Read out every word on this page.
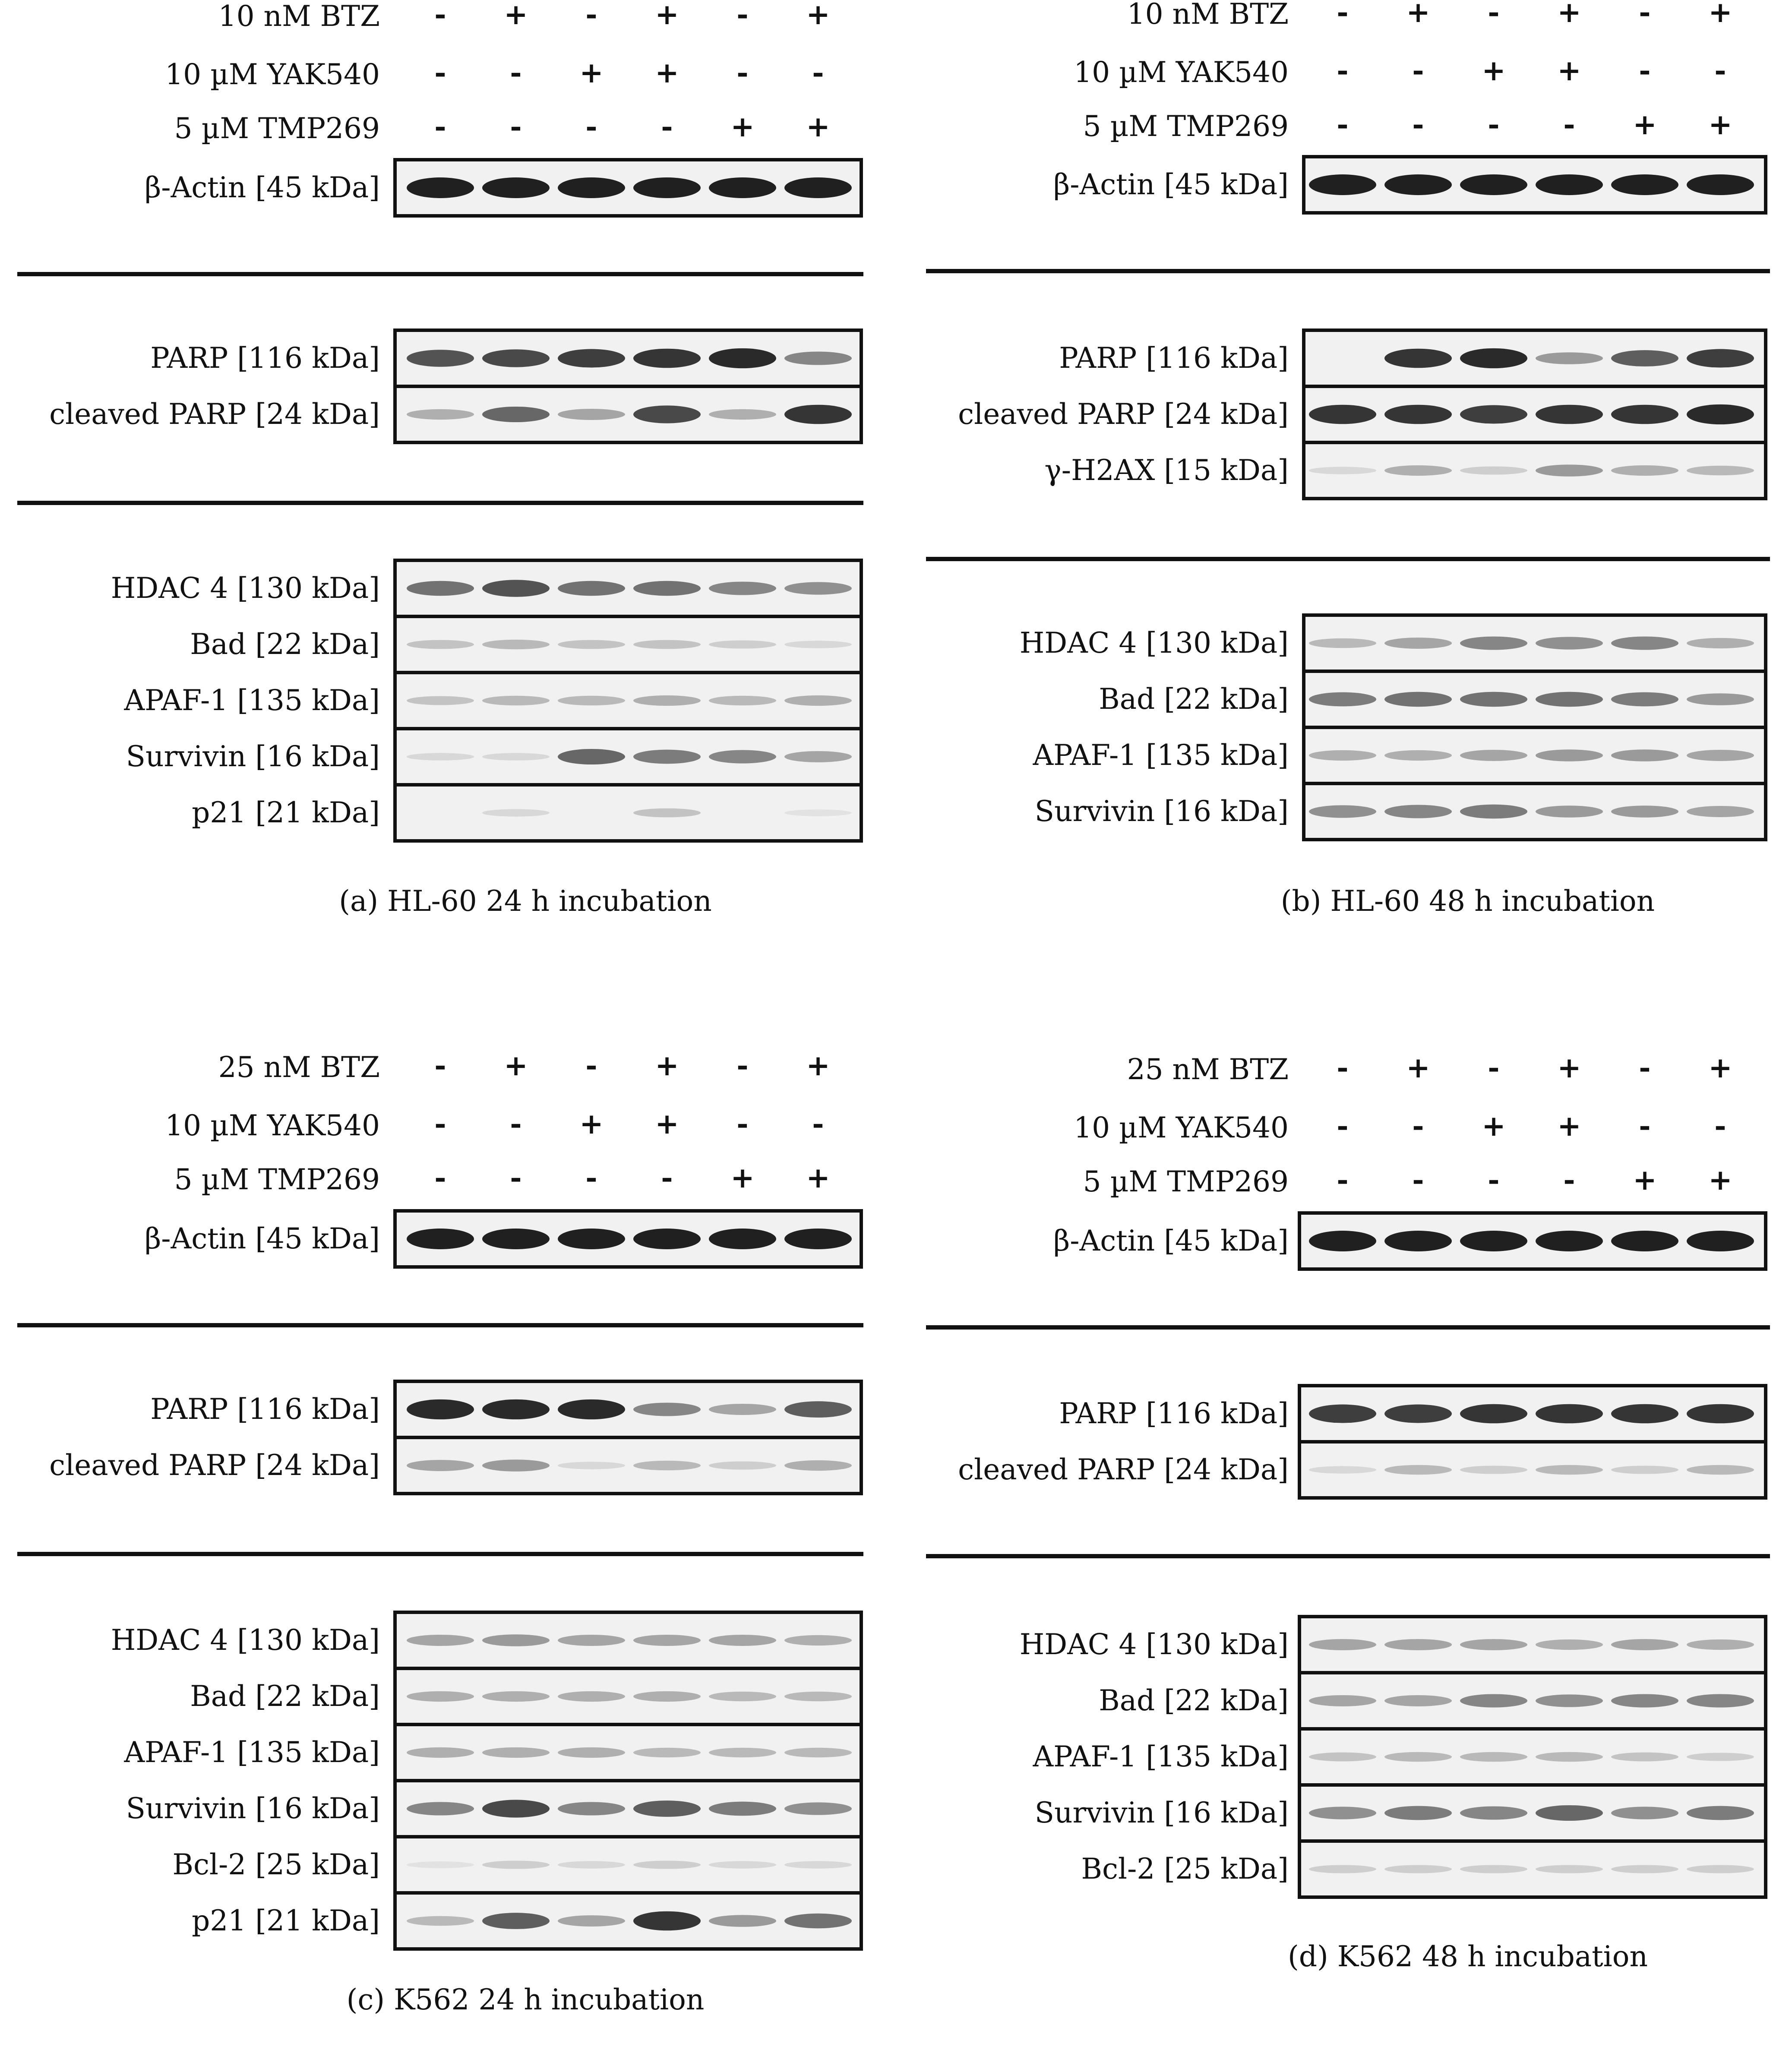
10 nM BTZ - + - + - +
10 µM YAK540 - - + + - -
5 µM TMP269 - - - - + +
β-Actin [45 kDa]
PARP [116 kDa]
cleaved PARP [24 kDa]
HDAC 4 [130 kDa]
Bad [22 kDa]
APAF-1 [135 kDa]
Survivin [16 kDa]
p21 [21 kDa]
(a) HL-60 24 h incubation
10 nM BTZ - + - + - +
10 µM YAK540 - - + + - -
5 µM TMP269 - - - - + +
β-Actin [45 kDa]
PARP [116 kDa]
cleaved PARP [24 kDa]
γ-H2AX [15 kDa]
HDAC 4 [130 kDa]
Bad [22 kDa]
APAF-1 [135 kDa]
Survivin [16 kDa]
(b) HL-60 48 h incubation
25 nM BTZ - + - + - +
10 µM YAK540 - - + + - -
5 µM TMP269 - - - - + +
β-Actin [45 kDa]
PARP [116 kDa]
cleaved PARP [24 kDa]
HDAC 4 [130 kDa]
Bad [22 kDa]
APAF-1 [135 kDa]
Survivin [16 kDa]
Bcl-2 [25 kDa]
p21 [21 kDa]
(c) K562 24 h incubation
25 nM BTZ - + - + - +
10 µM YAK540 - - + + - -
5 µM TMP269 - - - - + +
β-Actin [45 kDa]
PARP [116 kDa]
cleaved PARP [24 kDa]
HDAC 4 [130 kDa]
Bad [22 kDa]
APAF-1 [135 kDa]
Survivin [16 kDa]
Bcl-2 [25 kDa]
(d) K562 48 h incubation
